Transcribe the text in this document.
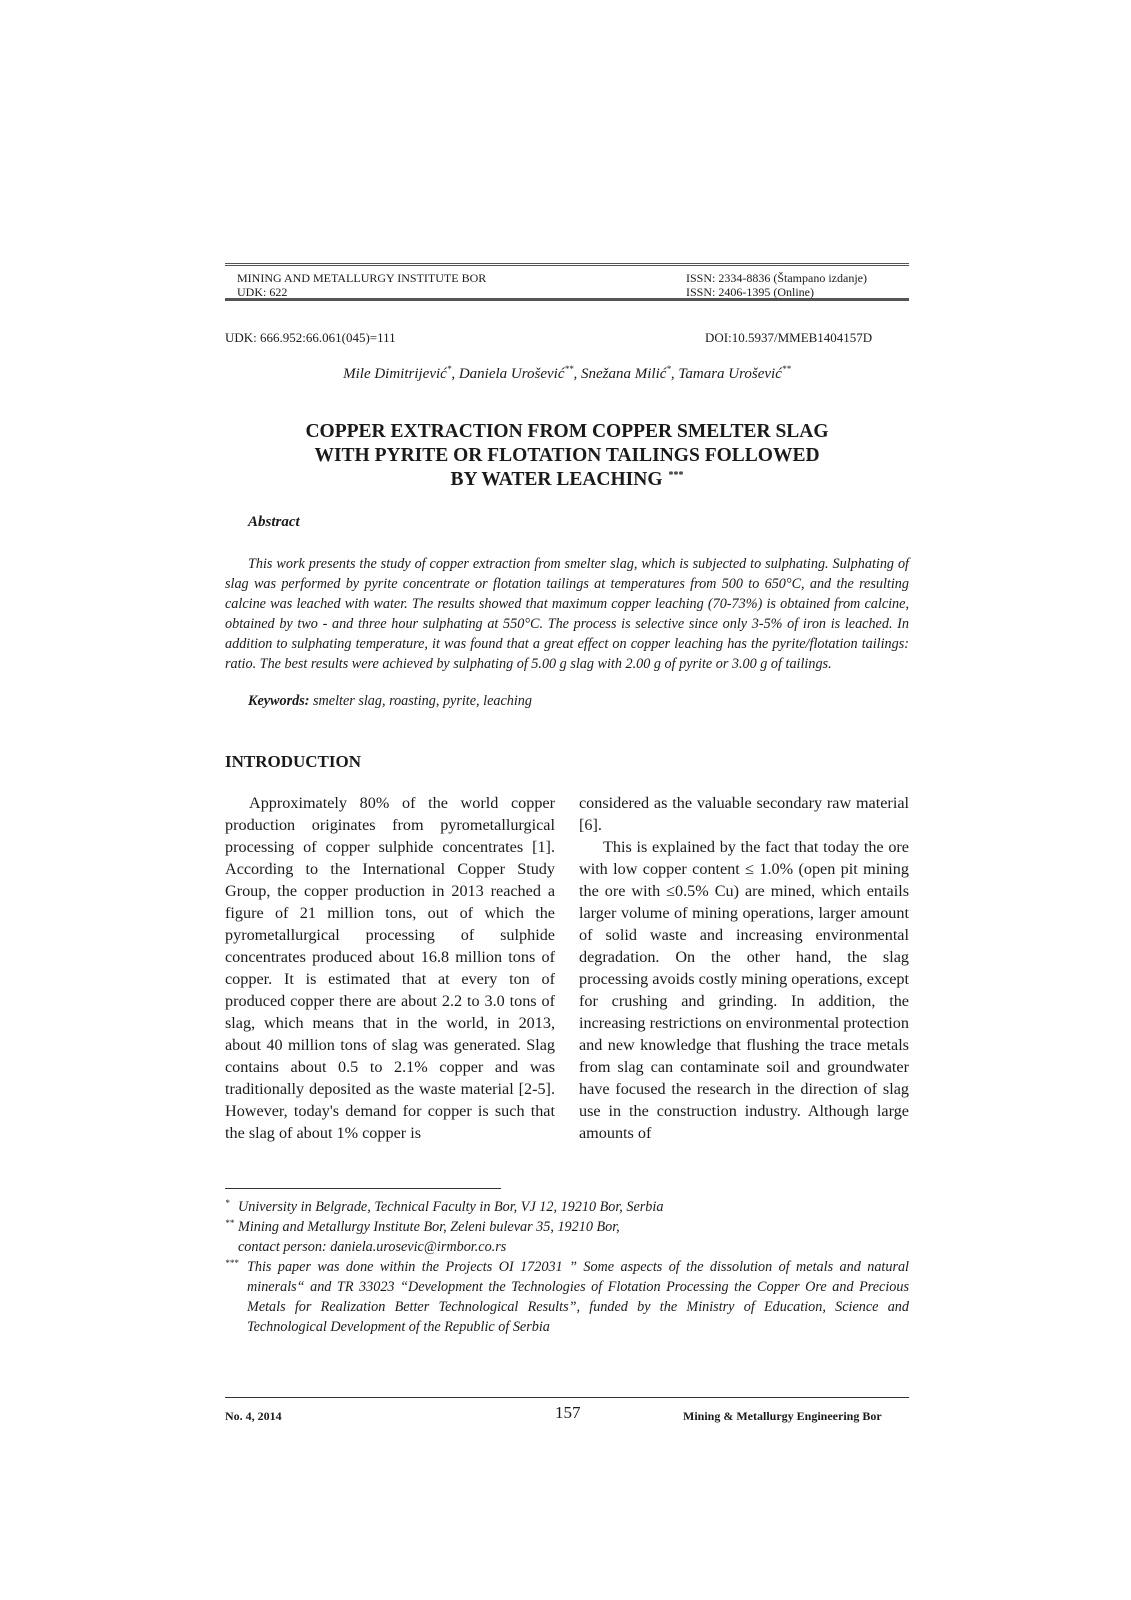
MINING AND METALLURGY INSTITUTE BOR
UDK: 622
ISSN: 2334-8836 (Štampano izdanje)
ISSN: 2406-1395 (Online)
UDK: 666.952:66.061(045)=111	DOI:10.5937/MMEB1404157D
Mile Dimitrijević*, Daniela Urošević**, Snežana Milić*, Tamara Urošević**
COPPER EXTRACTION FROM COPPER SMELTER SLAG
WITH PYRITE OR FLOTATION TAILINGS FOLLOWED
BY WATER LEACHING ***
Abstract

This work presents the study of copper extraction from smelter slag, which is subjected to sulphating. Sulphating of slag was performed by pyrite concentrate or flotation tailings at temperatures from 500 to 650°C, and the resulting calcine was leached with water. The results showed that maximum copper leaching (70-73%) is obtained from calcine, obtained by two - and three hour sulphating at 550°C. The process is selective since only 3-5% of iron is leached. In addition to sulphating temperature, it was found that a great effect on copper leaching has the pyrite/flotation tailings: ratio. The best results were achieved by sulphating of 5.00 g slag with 2.00 g of pyrite or 3.00 g of tailings.

Keywords: smelter slag, roasting, pyrite, leaching
INTRODUCTION

Approximately 80% of the world copper production originates from pyrometallurgical processing of copper sulphide concentrates [1]. According to the International Copper Study Group, the copper production in 2013 reached a figure of 21 million tons, out of which the pyrometallurgical processing of sulphide concentrates produced about 16.8 million tons of copper. It is estimated that at every ton of produced copper there are about 2.2 to 3.0 tons of slag, which means that in the world, in 2013, about 40 million tons of slag was generated. Slag contains about 0.5 to 2.1% copper and was traditionally deposited as the waste material [2-5]. However, today's demand for copper is such that the slag of about 1% copper is

considered as the valuable secondary raw material [6].

This is explained by the fact that today the ore with low copper content ≤ 1.0% (open pit mining the ore with ≤0.5% Cu) are mined, which entails larger volume of mining operations, larger amount of solid waste and increasing environmental degradation. On the other hand, the slag processing avoids costly mining operations, except for crushing and grinding. In addition, the increasing restrictions on environmental protection and new knowledge that flushing the trace metals from slag can contaminate soil and groundwater have focused the research in the direction of slag use in the construction industry. Although large amounts of

* University in Belgrade, Technical Faculty in Bor, VJ 12, 19210 Bor, Serbia
** Mining and Metallurgy Institute Bor, Zeleni bulevar 35, 19210 Bor,
contact person: daniela.urosevic@irmbor.co.rs
*** This paper was done within the Projects OI 172031 ” Some aspects of the dissolution of metals and natural minerals“ and TR 33023 “Development the Technologies of Flotation Processing the Copper Ore and Precious Metals for Realization Better Technological Results”, funded by the Ministry of Education, Science and Technological Development of the Republic of Serbia
No. 4, 2014	157	Mining & Metallurgy Engineering Bor
